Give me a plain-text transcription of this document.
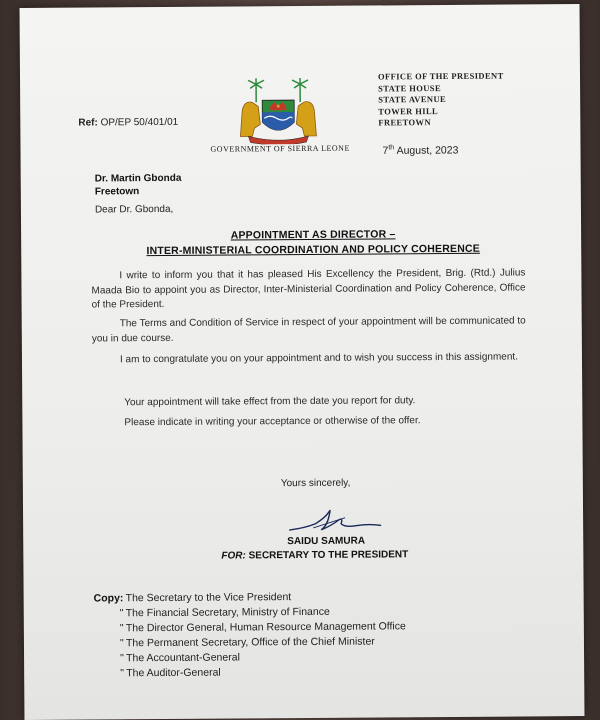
Ref: OP/EP 50/401/01
OFFICE OF THE PRESIDENT
STATE HOUSE
STATE AVENUE
TOWER HILL
FREETOWN
GOVERNMENT OF SIERRA LEONE	7th August, 2023
Dr. Martin Gbonda
Freetown
Dear Dr. Gbonda,
APPOINTMENT AS DIRECTOR –
INTER-MINISTERIAL COORDINATION AND POLICY COHERENCE
I write to inform you that it has pleased His Excellency the President, Brig. (Rtd.) Julius Maada Bio to appoint you as Director, Inter-Ministerial Coordination and Policy Coherence, Office of the President.
The Terms and Condition of Service in respect of your appointment will be communicated to you in due course.
I am to congratulate you on your appointment and to wish you success in this assignment.
Your appointment will take effect from the date you report for duty.
Please indicate in writing your acceptance or otherwise of the offer.
Yours sincerely,
SAIDU SAMURA
FOR: SECRETARY TO THE PRESIDENT
Copy: The Secretary to the Vice President
" The Financial Secretary, Ministry of Finance
" The Director General, Human Resource Management Office
" The Permanent Secretary, Office of the Chief Minister
" The Accountant-General
" The Auditor-General
